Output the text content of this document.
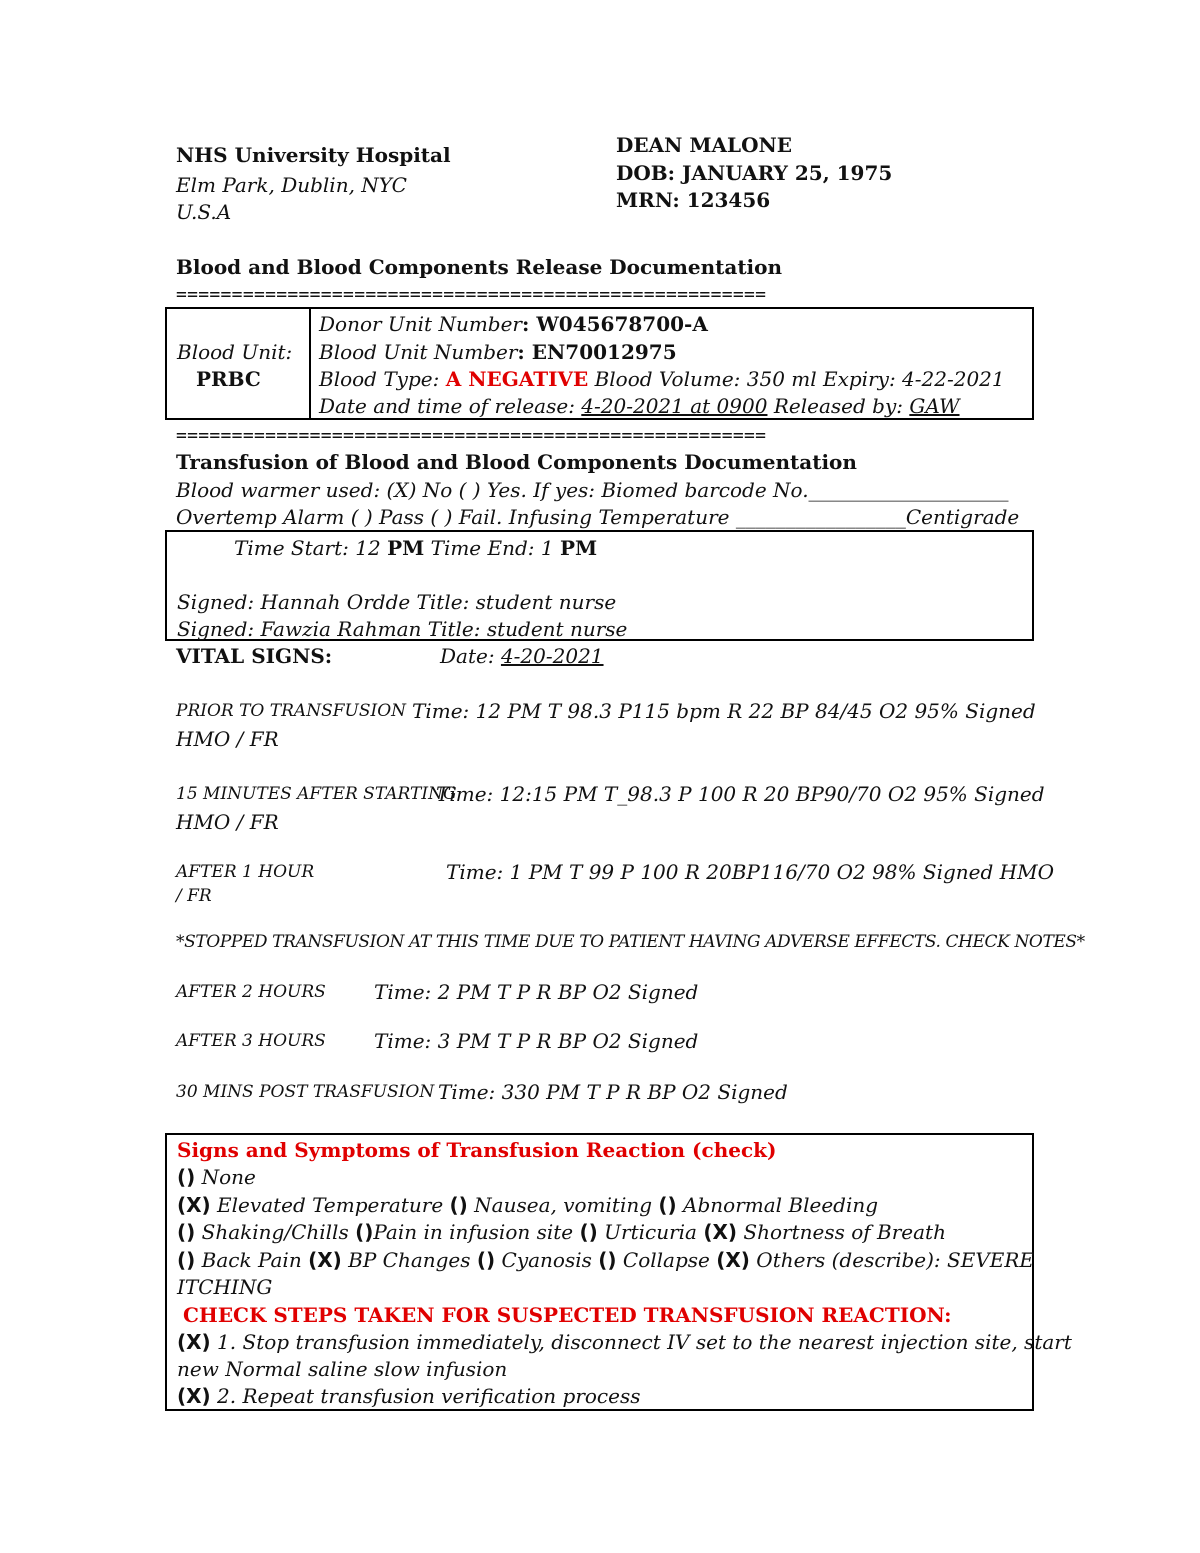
NHS University Hospital
Elm Park, Dublin, NYC
U.S.A
DEAN MALONE
DOB: JANUARY 25, 1975
MRN: 123456
Blood and Blood Components Release Documentation
=====================================================
Blood Unit:
PRBC
Donor Unit Number: W045678700-A
Blood Unit Number: EN70012975
Blood Type: A NEGATIVE Blood Volume: 350 ml Expiry: 4-22-2021
Date and time of release: 4-20-2021 at 0900 Released by: GAW
=====================================================
Transfusion of Blood and Blood Components Documentation
Blood warmer used: (X) No ( ) Yes. If yes: Biomed barcode No.____________________
Overtemp Alarm ( ) Pass ( ) Fail. Infusing Temperature _________________Centigrade
Time Start: 12 PM Time End: 1 PM
Signed: Hannah Ordde Title: student nurse
Signed: Fawzia Rahman Title: student nurse
VITAL SIGNS:	Date: 4-20-2021
PRIOR TO TRANSFUSION Time: 12 PM T 98.3 P115 bpm R 22 BP 84/45 O2 95% Signed
HMO / FR
15 MINUTES AFTER STARTING
Time: 12:15 PM T_98.3 P 100 R 20 BP90/70 O2 95% Signed
HMO / FR
AFTER 1 HOUR	Time: 1 PM T 99 P 100 R 20BP116/70 O2 98% Signed HMO
/ FR
*STOPPED TRANSFUSION AT THIS TIME DUE TO PATIENT HAVING ADVERSE EFFECTS. CHECK NOTES*
AFTER 2 HOURS Time: 2 PM T P R BP O2 Signed
AFTER 3 HOURS Time: 3 PM T P R BP O2 Signed
30 MINS POST TRASFUSION Time: 330 PM T P R BP O2 Signed
Signs and Symptoms of Transfusion Reaction (check)
() None
(X) Elevated Temperature () Nausea, vomiting () Abnormal Bleeding
() Shaking/Chills ()Pain in infusion site () Urticuria (X) Shortness of Breath
() Back Pain (X) BP Changes () Cyanosis () Collapse (X) Others (describe): SEVERE
ITCHING
CHECK STEPS TAKEN FOR SUSPECTED TRANSFUSION REACTION:
(X) 1. Stop transfusion immediately, disconnect IV set to the nearest injection site, start
new Normal saline slow infusion
(X) 2. Repeat transfusion verification process
